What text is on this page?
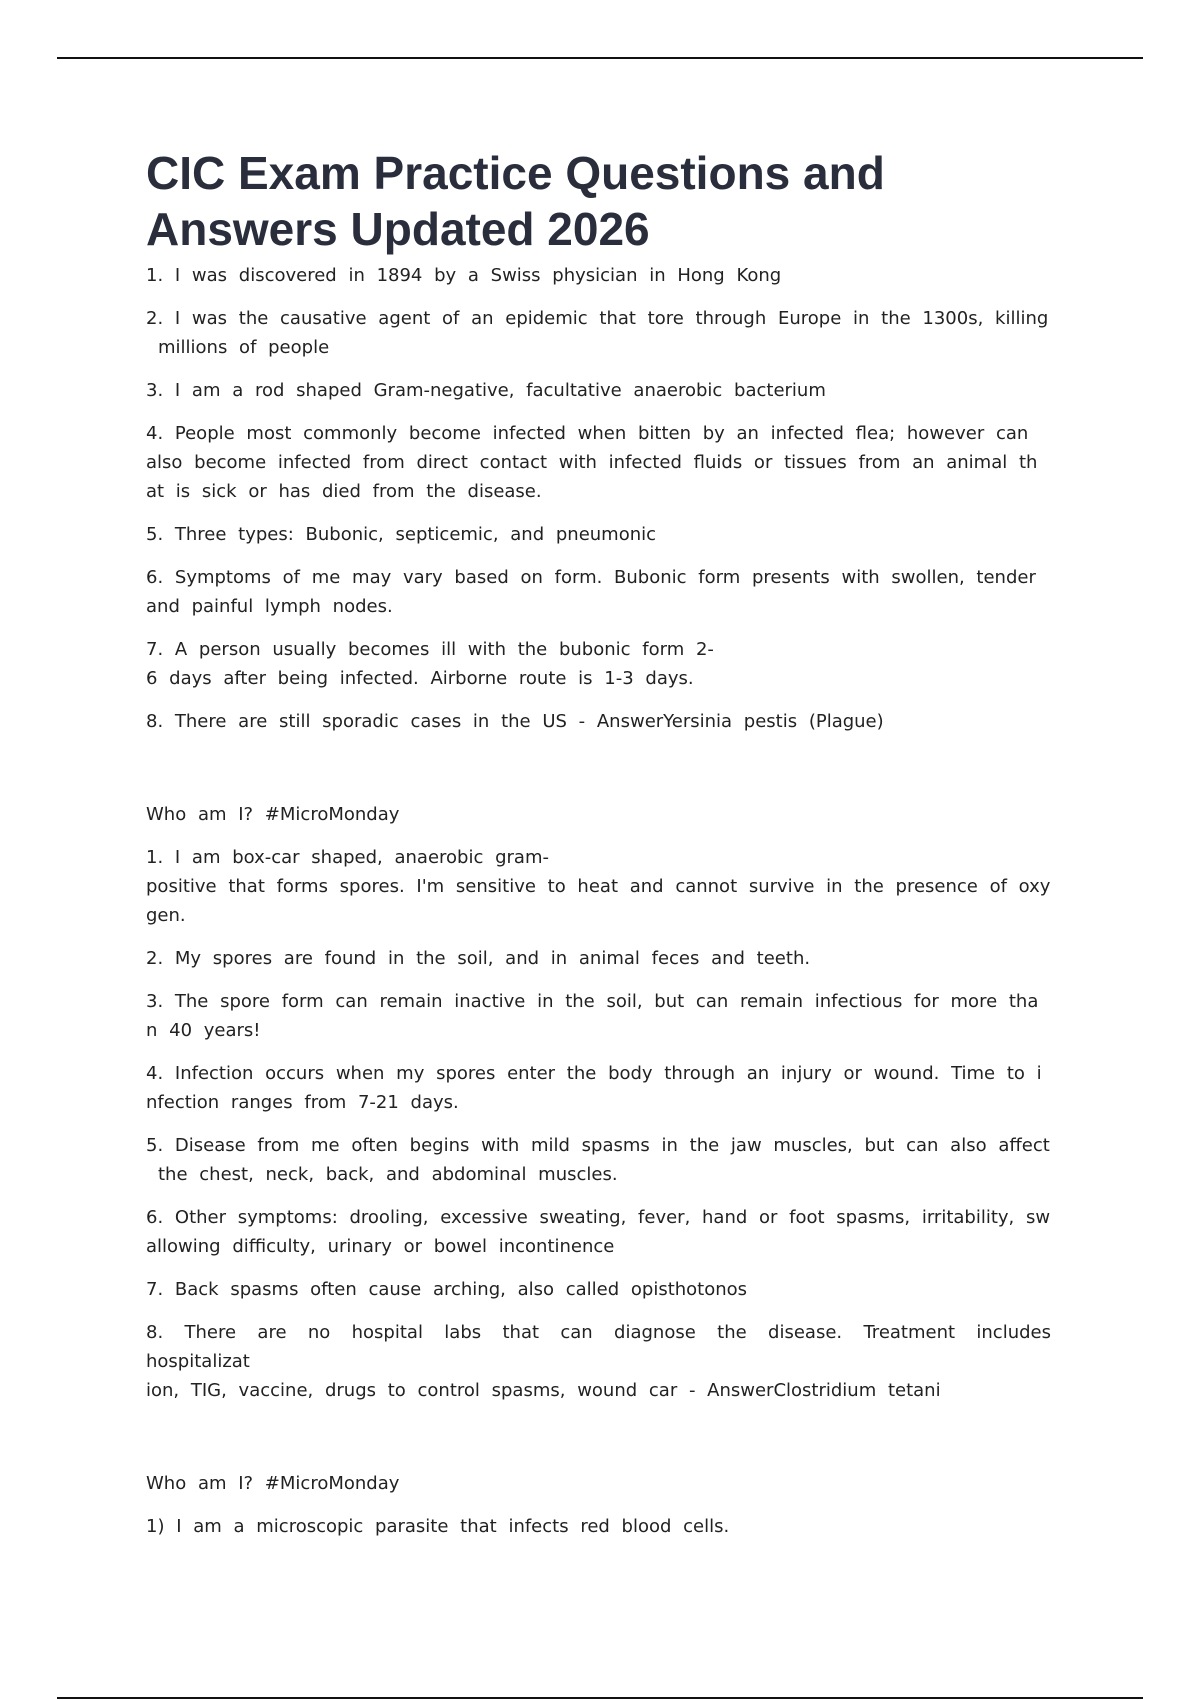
CIC Exam Practice Questions and
Answers Updated 2026

1. I was discovered in 1894 by a Swiss physician in Hong Kong

2. I was the causative agent of an epidemic that tore through Europe in the 1300s, killing
millions of people

3. I am a rod shaped Gram-negative, facultative anaerobic bacterium

4. People most commonly become infected when bitten by an infected flea; however can
also become infected from direct contact with infected fluids or tissues from an animal th
at is sick or has died from the disease.

5. Three types: Bubonic, septicemic, and pneumonic

6. Symptoms of me may vary based on form. Bubonic form presents with swollen, tender
and painful lymph nodes.

7. A person usually becomes ill with the bubonic form 2-
6 days after being infected. Airborne route is 1-3 days.

8. There are still sporadic cases in the US - AnswerYersinia pestis (Plague)

Who am I? #MicroMonday

1. I am box-car shaped, anaerobic gram-
positive that forms spores. I'm sensitive to heat and cannot survive in the presence of oxy
gen.

2. My spores are found in the soil, and in animal feces and teeth.

3. The spore form can remain inactive in the soil, but can remain infectious for more tha
n 40 years!

4. Infection occurs when my spores enter the body through an injury or wound. Time to i
nfection ranges from 7-21 days.

5. Disease from me often begins with mild spasms in the jaw muscles, but can also affect
the chest, neck, back, and abdominal muscles.

6. Other symptoms: drooling, excessive sweating, fever, hand or foot spasms, irritability, sw
allowing difficulty, urinary or bowel incontinence

7. Back spasms often cause arching, also called opisthotonos

8. There are no hospital labs that can diagnose the disease. Treatment includes hospitalizat
ion, TIG, vaccine, drugs to control spasms, wound car - AnswerClostridium tetani

Who am I? #MicroMonday

1) I am a microscopic parasite that infects red blood cells.
